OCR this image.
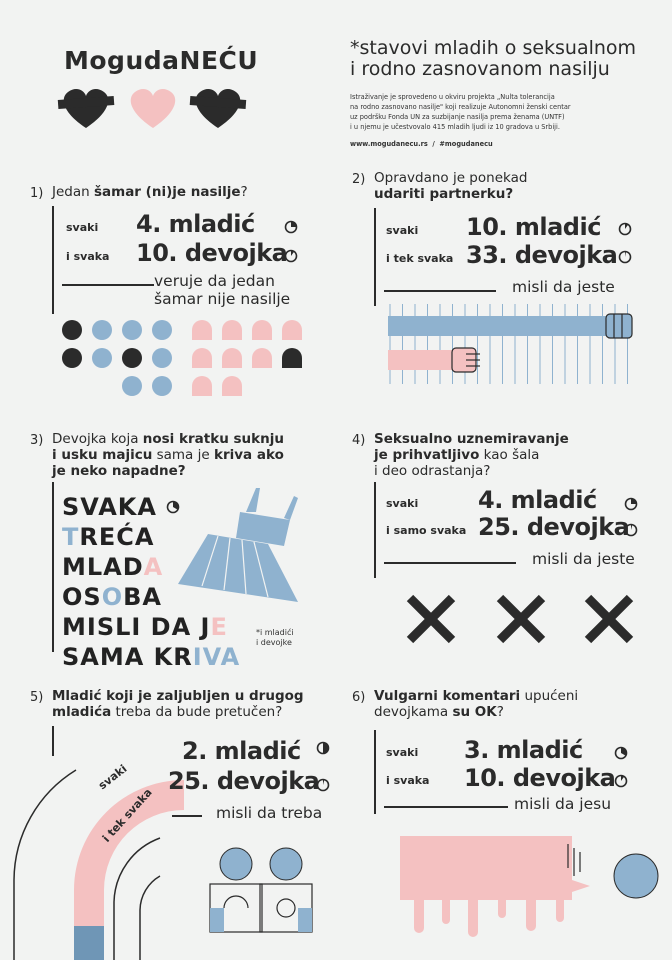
MogudaNEĆU	*stavovi mladih o seksualnom
i rodno zasnovanom nasilju
Istraživanje je sprovedeno u okviru projekta „Nulta tolerancija
na rodno zasnovano nasilje" koji realizuje Autonomni ženski centar
uz podršku Fonda UN za suzbijanje nasilja prema ženama (UNTF)
i u njemu je učestvovalo 415 mladih ljudi iz 10 gradova u Srbiji.
www.mogudanecu.rs / #mogudanecu
1) Jedan šamar (ni)je nasilje?
svaki 4. mladić
i svaka 10. devojka
veruje da jedan
šamar nije nasilje
2) Opravdano je ponekad
udariti partnerku?
svaki 10. mladić
i tek svaka 33. devojka
misli da jeste
3) Devojka koja nosi kratku suknju
i usku majicu sama je kriva ako
je neko napadne?
SVAKA
TREĆA
MLADA
OSOBA
MISLI DA JE
SAMA KRIVA
*i mladići
i devojke
4) Seksualno uznemiravanje
je prihvatljivo kao šala
i deo odrastanja?
svaki 4. mladić
i samo svaka 25. devojka
misli da jeste
5) Mladić koji je zaljubljen u drugog
mladića treba da bude pretučen?
svaki
i tek svaka
2. mladić
25. devojka
misli da treba
6) Vulgarni komentari upućeni
devojkama su OK?
svaki 3. mladić
i svaka 10. devojka
misli da jesu
